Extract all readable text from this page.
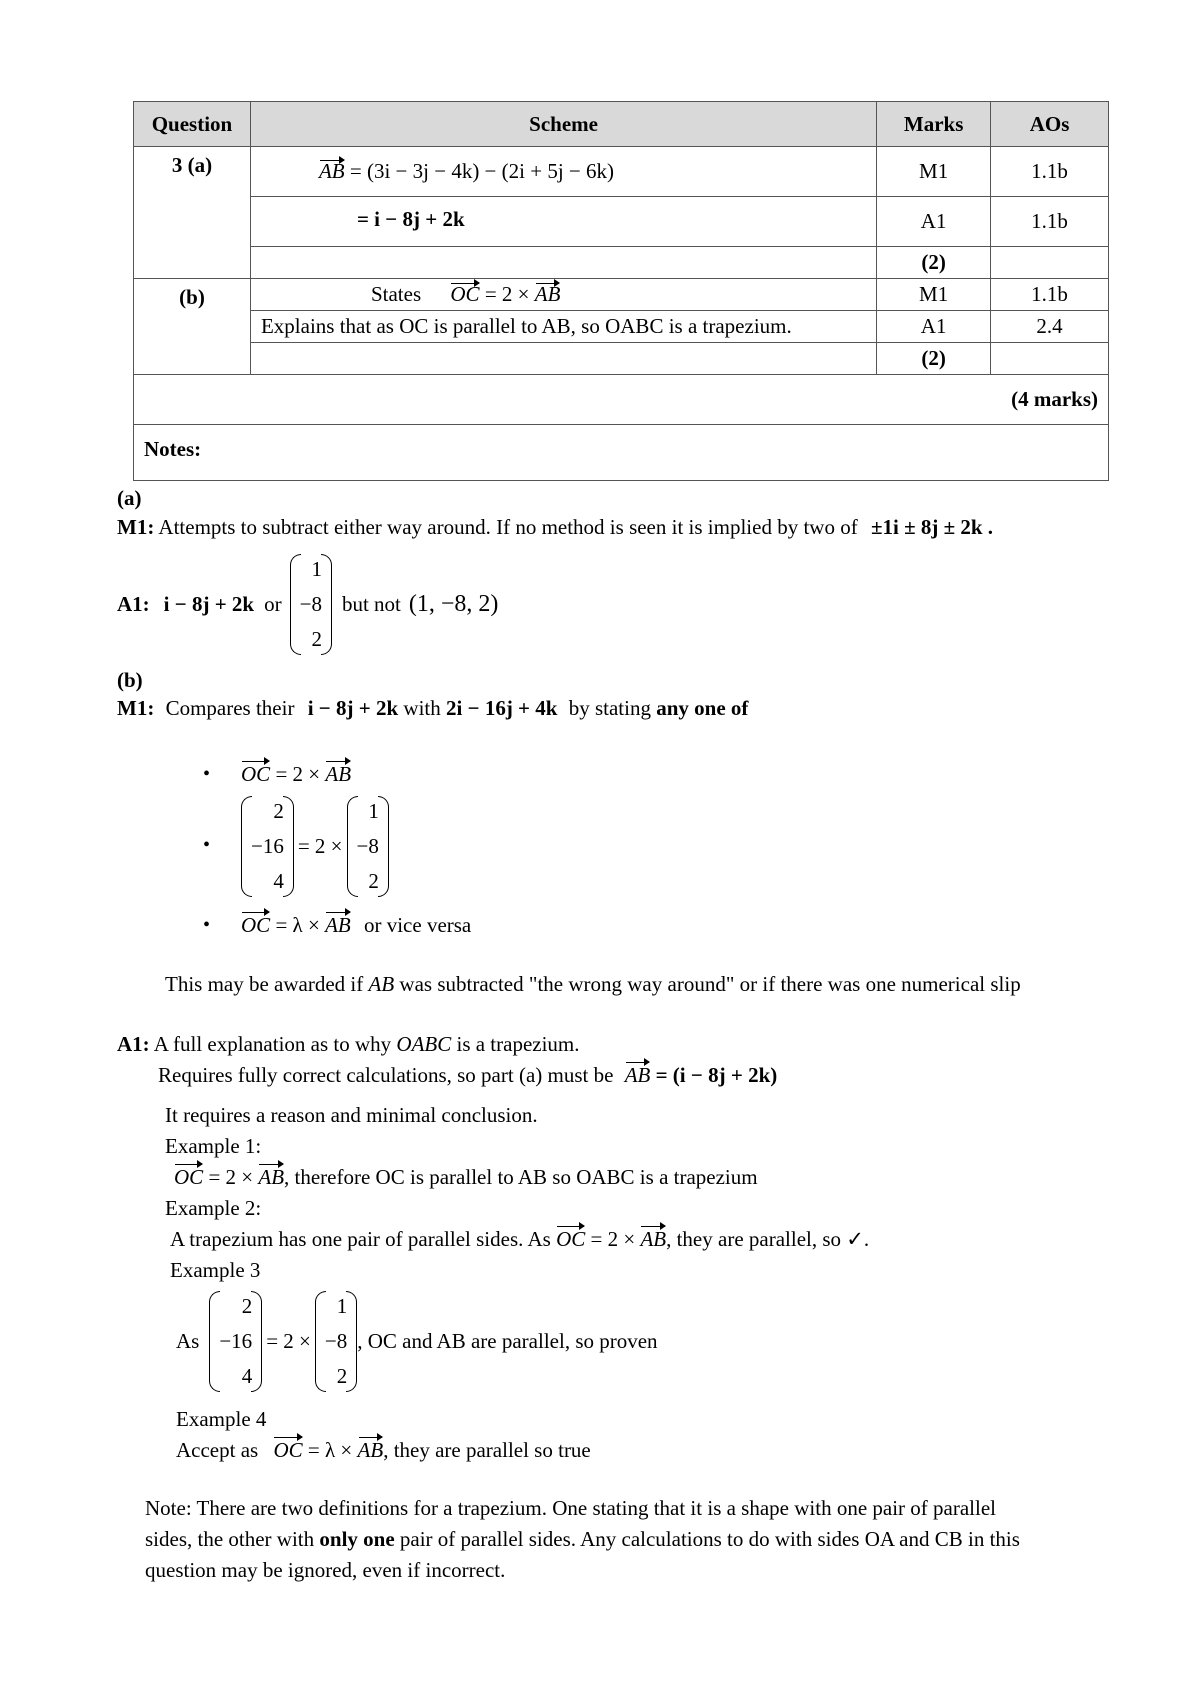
Question	Scheme	Marks	AOs
3 (a)	AB = (3i − 3j − 4k) − (2i + 5j − 6k)	M1	1.1b
	= i − 8j + 2k	A1	1.1b
		(2)	
(b)	States OC = 2 × AB	M1	1.1b
	Explains that as OC is parallel to AB, so OABC is a trapezium.	A1	2.4
		(2)	
(4 marks)			
Notes:			
(a)
M1: Attempts to subtract either way around. If no method is seen it is implied by two of ±1i ± 8j ± 2k .
A1: i − 8j + 2k or
1
−8
2
but not (1, −8, 2)
(b)
M1: Compares their i − 8j + 2k with 2i − 16j + 4k by stating any one of
• OC = 2 × AB
•
2
−16
4
= 2 ×
1
−8
2
• OC = λ × AB or vice versa
This may be awarded if AB was subtracted "the wrong way around" or if there was one numerical slip
A1: A full explanation as to why OABC is a trapezium.
Requires fully correct calculations, so part (a) must be AB = (i − 8j + 2k)
It requires a reason and minimal conclusion.
Example 1:
OC = 2 × AB, therefore OC is parallel to AB so OABC is a trapezium
Example 2:
A trapezium has one pair of parallel sides. As OC = 2 × AB, they are parallel, so ✓.
Example 3
As
2
−16
4
= 2 ×
1
−8
2
, OC and AB are parallel, so proven
Example 4
Accept as OC = λ × AB, they are parallel so true
Note: There are two definitions for a trapezium. One stating that it is a shape with one pair of parallel
sides, the other with only one pair of parallel sides. Any calculations to do with sides OA and CB in this
question may be ignored, even if incorrect.
